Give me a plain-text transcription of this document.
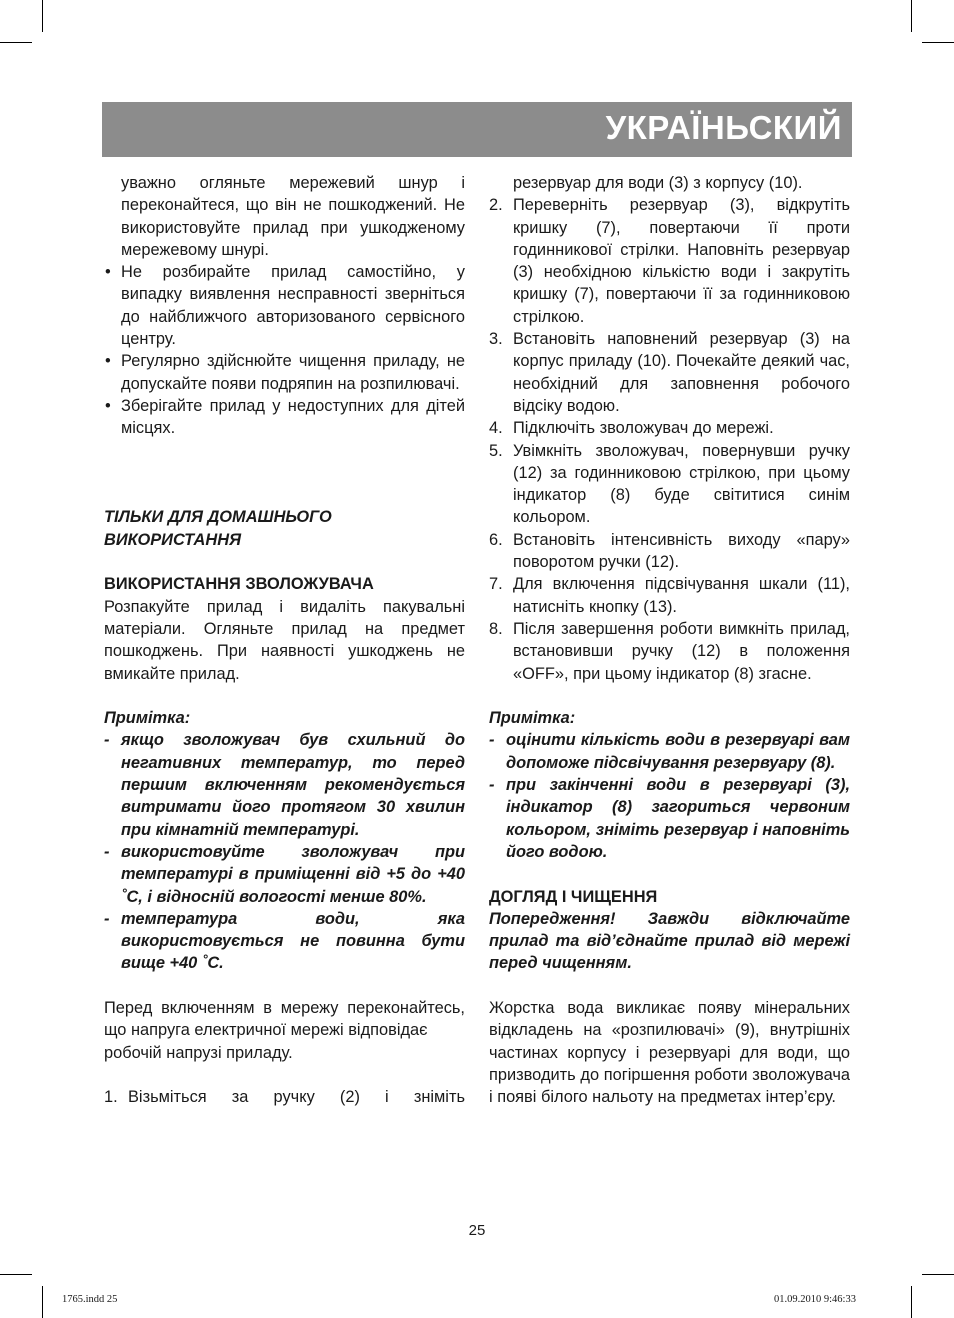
УКРАЇНЬСКИЙ

уважно огляньте мережевий шнур і переконайтеся, що він не пошкоджений. Не використовуйте прилад при ушкодженому мережевому шнурі.

• Не розбирайте прилад самостійно, у випадку виявлення несправності зверніться до найближчого авторизованого сервісного центру.
• Регулярно здійснюйте чищення приладу, не допускайте появи подряпин на розпилювачі.
• Зберігайте прилад у недоступних для дітей місцях.

ТІЛЬКИ ДЛЯ ДОМАШНЬОГО ВИКОРИСТАННЯ

ВИКОРИСТАННЯ ЗВОЛОЖУВАЧА

Розпакуйте прилад і видаліть пакувальні матеріали. Огляньте прилад на предмет пошкоджень. При наявності ушкоджень не вмикайте прилад.

Примітка:

- якщо зволожувач був схильний до негативних температур, то перед першим включенням рекомендується витримати його протягом 30 хвилин при кімнатній температурі.
- використовуйте зволожувач при температурі в приміщенні від +5 до +40 ˚С, і відносній вологості менше 80%.
- температура води, яка використовується не повинна бути вище +40 ˚С.

Перед включенням в мережу переконайтесь, що напруга електричної мережі відповідає

робочій напрузі приладу.

1. Візьміться за ручку (2) і зніміть

резервуар для води (3) з корпусу (10).

2. Переверніть резервуар (3), відкрутіть кришку (7), повертаючи її проти годинникової стрілки. Наповніть резервуар (3) необхідною кількістю води і закрутіть кришку (7), повертаючи її за годинниковою стрілкою.
3. Встановіть наповнений резервуар (3) на корпус приладу (10). Почекайте деякий час, необхідний для заповнення робочого відсіку водою.
4. Підключіть зволожувач до мережі.
5. Увімкніть зволожувач, повернувши ручку (12) за годинниковою стрілкою, при цьому індикатор (8) буде світитися синім кольором.
6. Встановіть інтенсивність виходу «пару» поворотом ручки (12).
7. Для включення підсвічування шкали (11), натисніть кнопку (13).
8. Після завершення роботи вимкніть прилад, встановивши ручку (12) в положення «OFF», при цьому індикатор (8) згасне.

Примітка:

- оцінити кількість води в резервуарі вам допоможе підсвічування резервуару (8).
- при закінченні води в резервуарі (3), індикатор (8) загориться червоним кольором, зніміть резервуар і наповніть його водою.

ДОГЛЯД І ЧИЩЕННЯ

Попередження! Завжди відключайте прилад та від’єднайте прилад від мережі перед чищенням.

Жорстка вода викликає появу мінеральних відкладень на «розпилювачі» (9), внутрішніх частинах корпусу і резервуарі для води, що призводить до погіршення роботи зволожувача і появі білого нальоту на предметах інтер’єру.

25
1765.indd 25	01.09.2010 9:46:33
